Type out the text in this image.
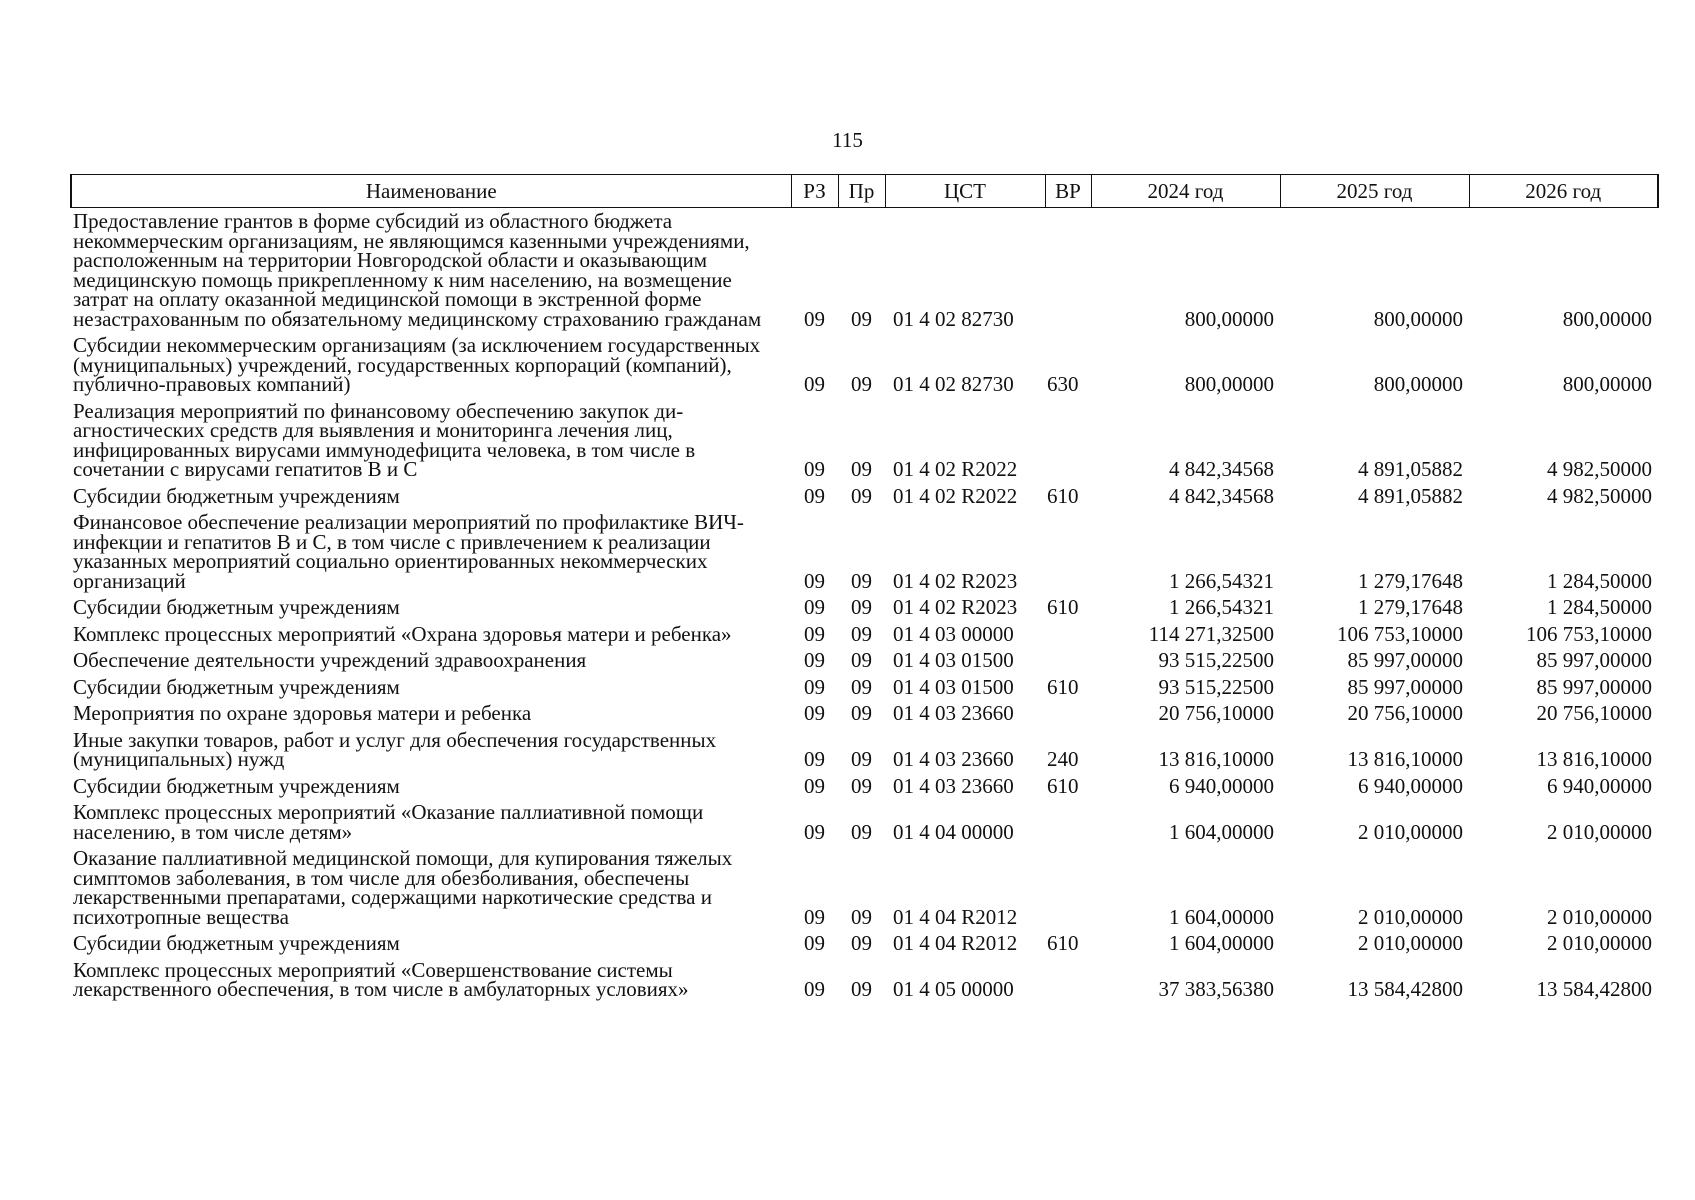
115
Наименование	РЗ	Пр	ЦСТ	ВР	2024 год	2025 год	2026 год
Предоставление грантов в форме субсидий из областного бюджета некоммерческим организациям, не являющимся казенными учреждениями, расположенным на территории Новгородской области и оказывающим медицинскую помощь прикрепленному к ним населению, на возмещение затрат на оплату оказанной медицинской помощи в экстренной форме незастрахованным по обязательному медицинскому страхованию гражданам	09	09	01 4 02 82730		800,00000	800,00000	800,00000
Субсидии некоммерческим организациям (за исключением государственных (муниципальных) учреждений, государственных корпораций (компаний), публично-правовых компаний)	09	09	01 4 02 82730	630	800,00000	800,00000	800,00000
Реализация мероприятий по финансовому обеспечению закупок диагностических средств для выявления и мониторинга лечения лиц, инфицированных вирусами иммунодефицита человека, в том числе в сочетании с вирусами гепатитов В и С	09	09	01 4 02 R2022		4 842,34568	4 891,05882	4 982,50000
Субсидии бюджетным учреждениям	09	09	01 4 02 R2022	610	4 842,34568	4 891,05882	4 982,50000
Финансовое обеспечение реализации мероприятий по профилактике ВИЧ-инфекции и гепатитов В и С, в том числе с привлечением к реализации указанных мероприятий социально ориентированных некоммерческих организаций	09	09	01 4 02 R2023		1 266,54321	1 279,17648	1 284,50000
Субсидии бюджетным учреждениям	09	09	01 4 02 R2023	610	1 266,54321	1 279,17648	1 284,50000
Комплекс процессных мероприятий «Охрана здоровья матери и ребенка»	09	09	01 4 03 00000		114 271,32500	106 753,10000	106 753,10000
Обеспечение деятельности учреждений здравоохранения	09	09	01 4 03 01500		93 515,22500	85 997,00000	85 997,00000
Субсидии бюджетным учреждениям	09	09	01 4 03 01500	610	93 515,22500	85 997,00000	85 997,00000
Мероприятия по охране здоровья матери и ребенка	09	09	01 4 03 23660		20 756,10000	20 756,10000	20 756,10000
Иные закупки товаров, работ и услуг для обеспечения государственных (муниципальных) нужд	09	09	01 4 03 23660	240	13 816,10000	13 816,10000	13 816,10000
Субсидии бюджетным учреждениям	09	09	01 4 03 23660	610	6 940,00000	6 940,00000	6 940,00000
Комплекс процессных мероприятий «Оказание паллиативной помощи населению, в том числе детям»	09	09	01 4 04 00000		1 604,00000	2 010,00000	2 010,00000
Оказание паллиативной медицинской помощи, для купирования тяжелых симптомов заболевания, в том числе для обезболивания, обеспечены лекарственными препаратами, содержащими наркотические средства и психотропные вещества	09	09	01 4 04 R2012		1 604,00000	2 010,00000	2 010,00000
Субсидии бюджетным учреждениям	09	09	01 4 04 R2012	610	1 604,00000	2 010,00000	2 010,00000
Комплекс процессных мероприятий «Совершенствование системы лекарственного обеспечения, в том числе в амбулаторных условиях»	09	09	01 4 05 00000		37 383,56380	13 584,42800	13 584,42800
